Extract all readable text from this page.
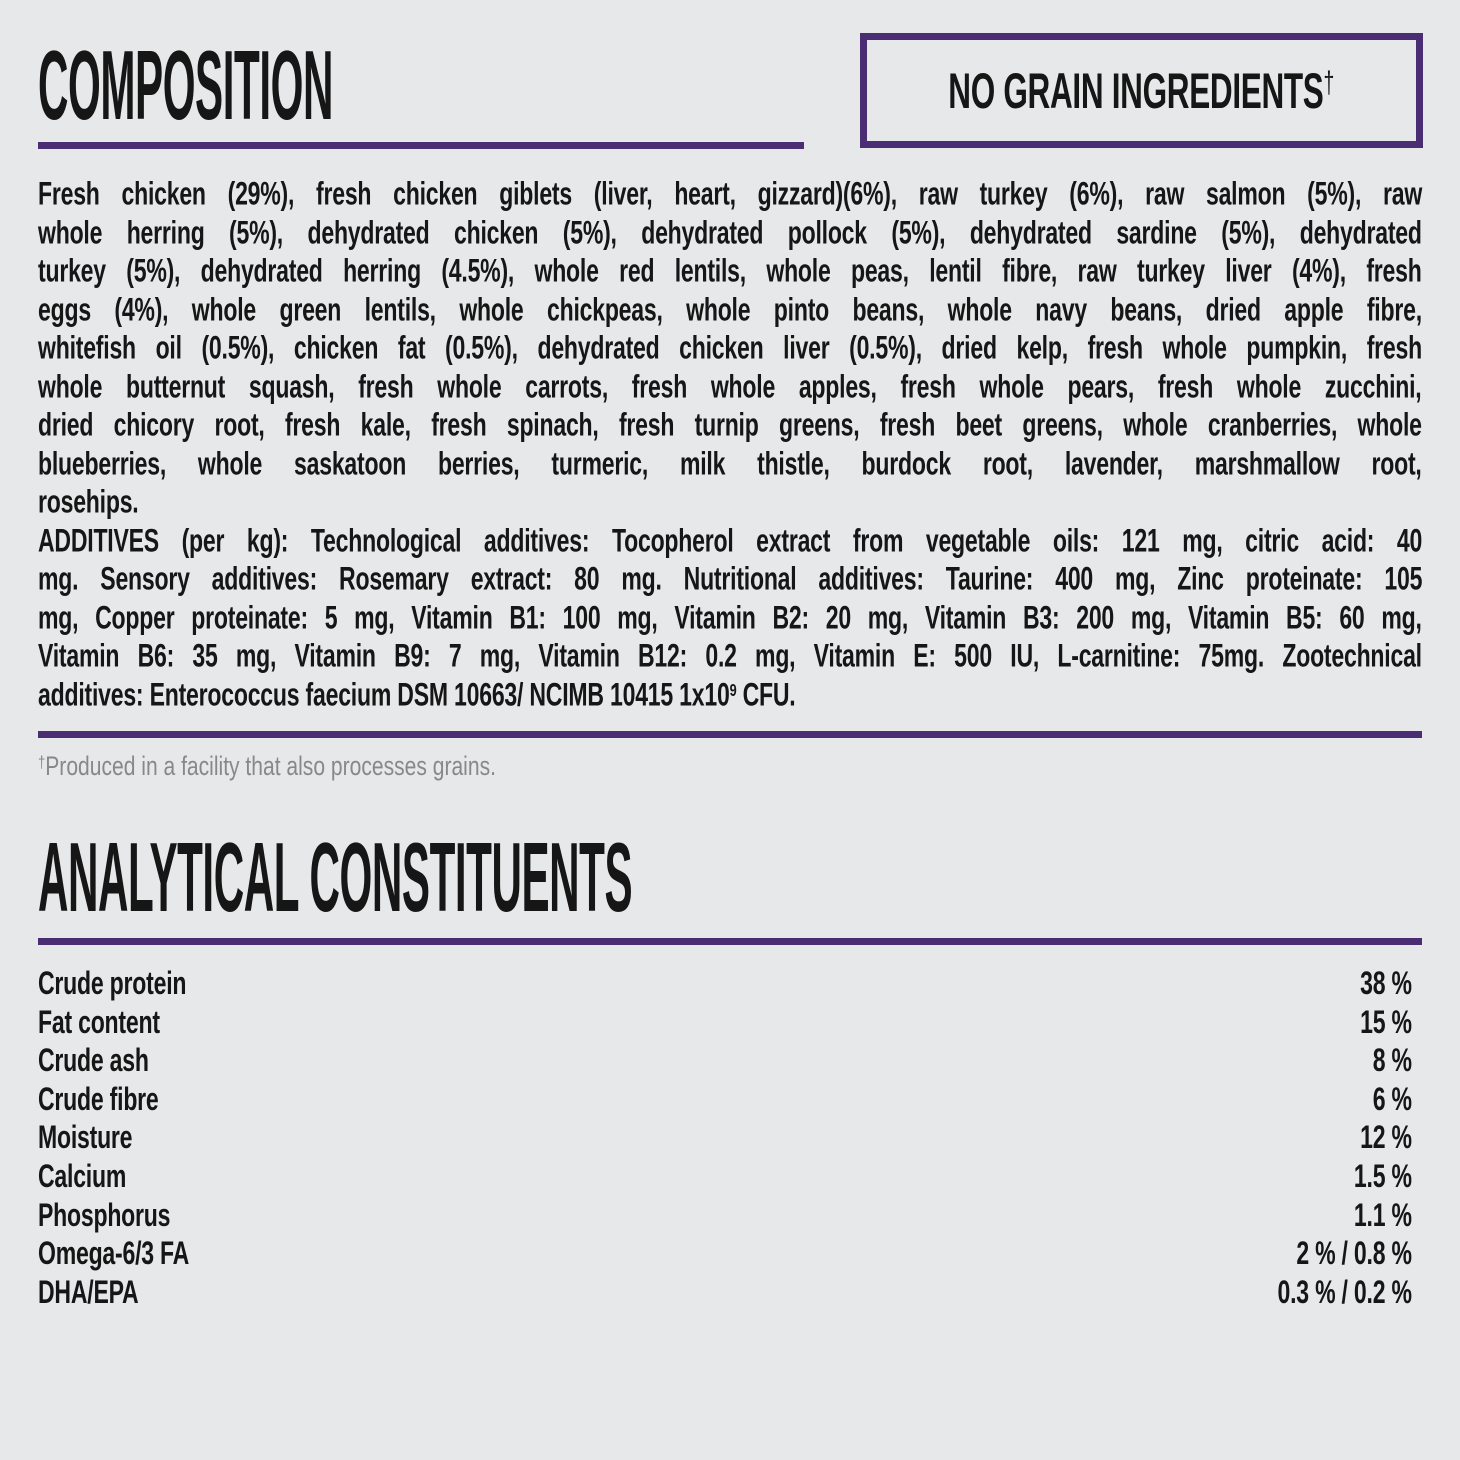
COMPOSITION	NO GRAIN INGREDIENTS†
Fresh chicken (29%), fresh chicken giblets (liver, heart, gizzard)(6%), raw turkey (6%), raw salmon (5%), raw
whole herring (5%), dehydrated chicken (5%), dehydrated pollock (5%), dehydrated sardine (5%), dehydrated
turkey (5%), dehydrated herring (4.5%), whole red lentils, whole peas, lentil fibre, raw turkey liver (4%), fresh
eggs (4%), whole green lentils, whole chickpeas, whole pinto beans, whole navy beans, dried apple fibre,
whitefish oil (0.5%), chicken fat (0.5%), dehydrated chicken liver (0.5%), dried kelp, fresh whole pumpkin, fresh
whole butternut squash, fresh whole carrots, fresh whole apples, fresh whole pears, fresh whole zucchini,
dried chicory root, fresh kale, fresh spinach, fresh turnip greens, fresh beet greens, whole cranberries, whole
blueberries, whole saskatoon berries, turmeric, milk thistle, burdock root, lavender, marshmallow root,
rosehips.
ADDITIVES (per kg): Technological additives: Tocopherol extract from vegetable oils: 121 mg, citric acid: 40
mg. Sensory additives: Rosemary extract: 80 mg. Nutritional additives: Taurine: 400 mg, Zinc proteinate: 105
mg, Copper proteinate: 5 mg, Vitamin B1: 100 mg, Vitamin B2: 20 mg, Vitamin B3: 200 mg, Vitamin B5: 60 mg,
Vitamin B6: 35 mg, Vitamin B9: 7 mg, Vitamin B12: 0.2 mg, Vitamin E: 500 IU, L-carnitine: 75mg. Zootechnical
additives: Enterococcus faecium DSM 10663/ NCIMB 10415 $1x10^9$ CFU.
†Produced in a facility that also processes grains.
ANALYTICAL CONSTITUENTS
Crude protein	38 %
Fat content	15 %
Crude ash	8 %
Crude fibre	6 %
Moisture	12 %
Calcium	1.5 %
Phosphorus	1.1 %
Omega-6/3 FA	2 % / 0.8 %
DHA/EPA	0.3 % / 0.2 %
